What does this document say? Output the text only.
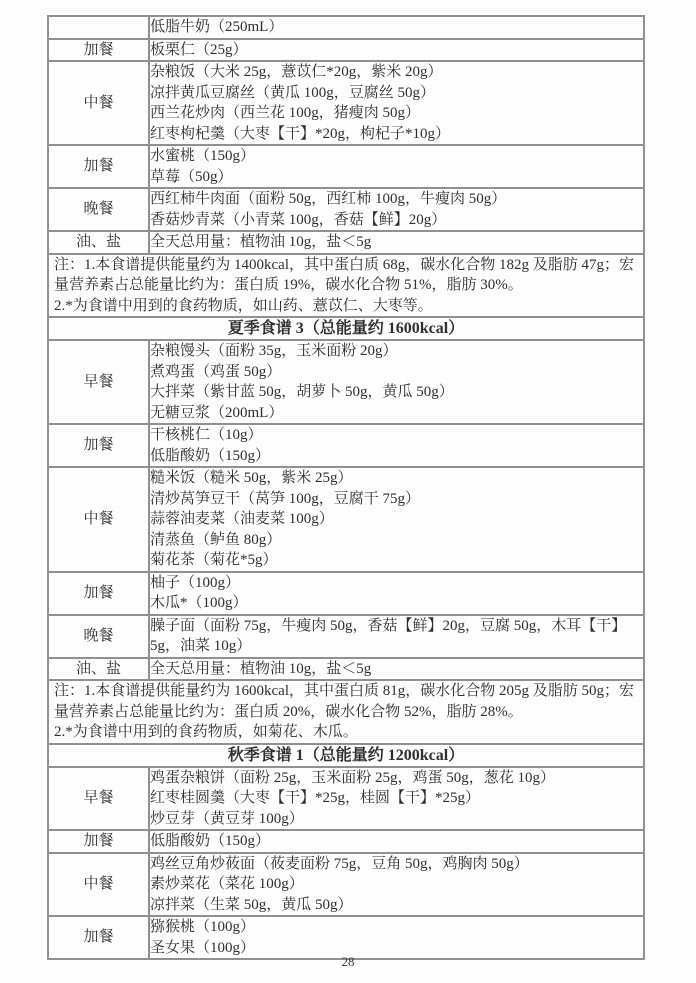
	低脂牛奶（250mL）

加餐	板栗仁（25g）

中餐	杂粮饭（大米 25g，薏苡仁*20g，紫米 20g）
凉拌黄瓜豆腐丝（黄瓜 100g，豆腐丝 50g）
西兰花炒肉（西兰花 100g，猪瘦肉 50g）
红枣枸杞羹（大枣【干】*20g，枸杞子*10g）

加餐	水蜜桃（150g）
草莓（50g）

晚餐	西红柿牛肉面（面粉 50g，西红柿 100g，牛瘦肉 50g）
香菇炒青菜（小青菜 100g，香菇【鲜】20g）

油、盐	全天总用量：植物油 10g，盐＜5g

注：1.本食谱提供能量约为 1400kcal，其中蛋白质 68g，碳水化合物 182g 及脂肪 47g；宏量营养素占总能量比约为：蛋白质 19%，碳水化合物 51%，脂肪 30%。
2.*为食谱中用到的食药物质，如山药、薏苡仁、大枣等。	

夏季食谱 3（总能量约 1600kcal）	
早餐	杂粮馒头（面粉 35g，玉米面粉 20g）
煮鸡蛋（鸡蛋 50g）
大拌菜（紫甘蓝 50g，胡萝卜 50g，黄瓜 50g）
无糖豆浆（200mL）

加餐	干核桃仁（10g）
低脂酸奶（150g）

中餐	糙米饭（糙米 50g，紫米 25g）
清炒莴笋豆干（莴笋 100g，豆腐干 75g）
蒜蓉油麦菜（油麦菜 100g）
清蒸鱼（鲈鱼 80g）
菊花茶（菊花*5g）

加餐	柚子（100g）
木瓜*（100g）

晚餐	臊子面（面粉 75g，牛瘦肉 50g，香菇【鲜】20g，豆腐 50g，木耳【干】5g，油菜 10g）

油、盐	全天总用量：植物油 10g，盐＜5g

注：1.本食谱提供能量约为 1600kcal，其中蛋白质 81g，碳水化合物 205g 及脂肪 50g；宏量营养素占总能量比约为：蛋白质 20%，碳水化合物 52%，脂肪 28%。
2.*为食谱中用到的食药物质，如菊花、木瓜。	

秋季食谱 1（总能量约 1200kcal）	
早餐	鸡蛋杂粮饼（面粉 25g，玉米面粉 25g，鸡蛋 50g，葱花 10g）
红枣桂圆羹（大枣【干】*25g，桂圆【干】*25g）
炒豆芽（黄豆芽 100g）

加餐	低脂酸奶（150g）

中餐	鸡丝豆角炒莜面（莜麦面粉 75g，豆角 50g，鸡胸肉 50g）
素炒菜花（菜花 100g）
凉拌菜（生菜 50g，黄瓜 50g）

加餐	猕猴桃（100g）
圣女果（100g）
28
